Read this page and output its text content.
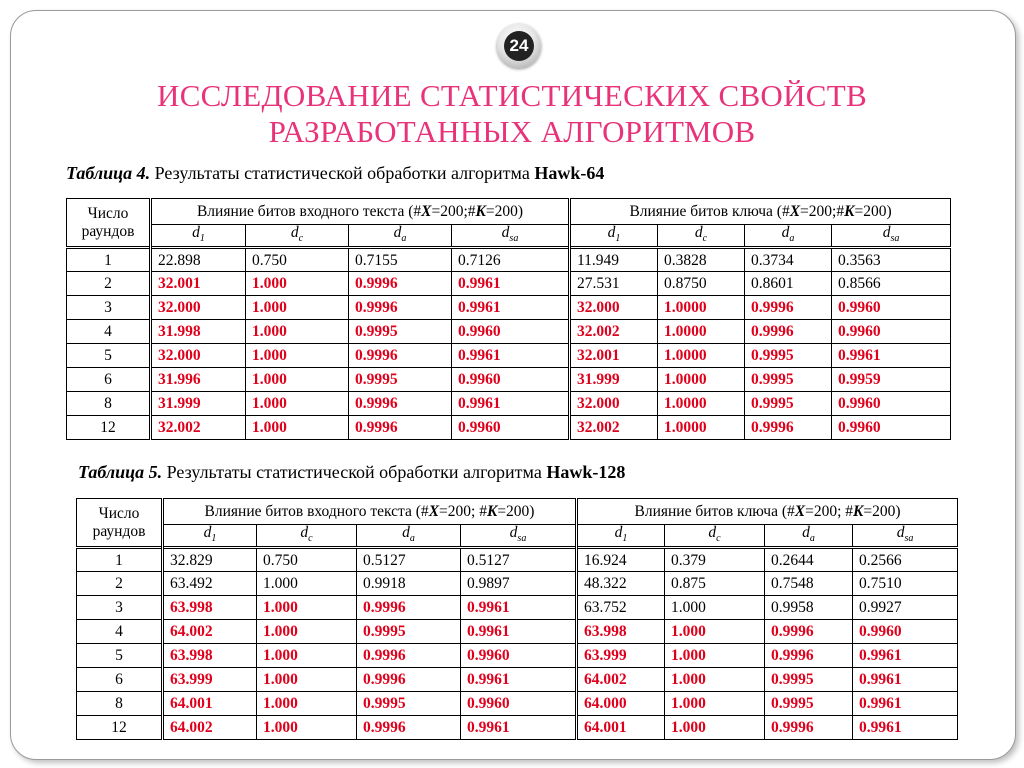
24
ИССЛЕДОВАНИЕ СТАТИСТИЧЕСКИХ СВОЙСТВ
РАЗРАБОТАННЫХ АЛГОРИТМОВ
Таблица 4. Результаты статистической обработки алгоритма Hawk-64
Число
раундов	Влияние битов входного текста (#X=200;#K=200)				Влияние битов ключа (#X=200;#K=200)			
	$d_1$	$d_c$	$d_a$	$d_{sa}$	$d_1$	$d_c$	$d_a$	$d_{sa}$
1	22.898	0.750	0.7155	0.7126	11.949	0.3828	0.3734	0.3563
2	32.001	1.000	0.9996	0.9961	27.531	0.8750	0.8601	0.8566
3	32.000	1.000	0.9996	0.9961	32.000	1.0000	0.9996	0.9960
4	31.998	1.000	0.9995	0.9960	32.002	1.0000	0.9996	0.9960
5	32.000	1.000	0.9996	0.9961	32.001	1.0000	0.9995	0.9961
6	31.996	1.000	0.9995	0.9960	31.999	1.0000	0.9995	0.9959
8	31.999	1.000	0.9996	0.9961	32.000	1.0000	0.9995	0.9960
12	32.002	1.000	0.9996	0.9960	32.002	1.0000	0.9996	0.9960
Таблица 5. Результаты статистической обработки алгоритма Hawk-128
Число
раундов	Влияние битов входного текста (#X=200; #K=200)				Влияние битов ключа (#X=200; #K=200)			
	$d_1$	$d_c$	$d_a$	$d_{sa}$	$d_1$	$d_c$	$d_a$	$d_{sa}$
1	32.829	0.750	0.5127	0.5127	16.924	0.379	0.2644	0.2566
2	63.492	1.000	0.9918	0.9897	48.322	0.875	0.7548	0.7510
3	63.998	1.000	0.9996	0.9961	63.752	1.000	0.9958	0.9927
4	64.002	1.000	0.9995	0.9961	63.998	1.000	0.9996	0.9960
5	63.998	1.000	0.9996	0.9960	63.999	1.000	0.9996	0.9961
6	63.999	1.000	0.9996	0.9961	64.002	1.000	0.9995	0.9961
8	64.001	1.000	0.9995	0.9960	64.000	1.000	0.9995	0.9961
12	64.002	1.000	0.9996	0.9961	64.001	1.000	0.9996	0.9961
